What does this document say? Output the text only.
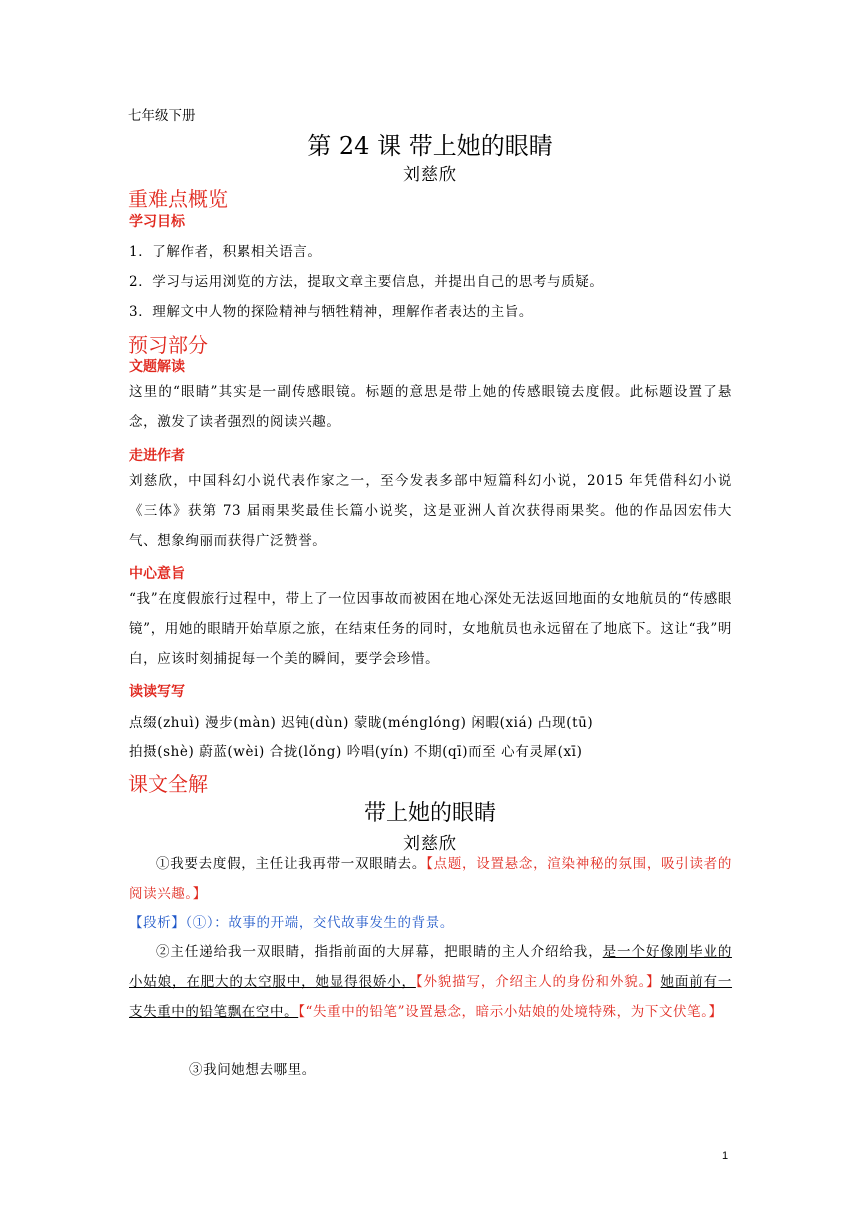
七年级下册
第 24 课 带上她的眼睛
刘慈欣
重难点概览
学习目标
1．了解作者，积累相关语言。
2．学习与运用浏览的方法，提取文章主要信息，并提出自己的思考与质疑。
3．理解文中人物的探险精神与牺牲精神，理解作者表达的主旨。
预习部分
文题解读
这里的“眼睛”其实是一副传感眼镜。标题的意思是带上她的传感眼镜去度假。此标题设置了悬念，激发了读者强烈的阅读兴趣。
走进作者
刘慈欣，中国科幻小说代表作家之一，至今发表多部中短篇科幻小说，2015 年凭借科幻小说《三体》获第 73 届雨果奖最佳长篇小说奖，这是亚洲人首次获得雨果奖。他的作品因宏伟大气、想象绚丽而获得广泛赞誉。
中心意旨
“我”在度假旅行过程中，带上了一位因事故而被困在地心深处无法返回地面的女地航员的“传感眼镜”，用她的眼睛开始草原之旅，在结束任务的同时，女地航员也永远留在了地底下。这让“我”明白，应该时刻捕捉每一个美的瞬间，要学会珍惜。
读读写写
点缀(zhuì) 漫步(màn) 迟钝(dùn) 蒙眬(ménglóng) 闲暇(xiá) 凸现(tū)
拍摄(shè) 蔚蓝(wèi) 合拢(lǒng) 吟唱(yín) 不期(qī)而至 心有灵犀(xī)
课文全解
带上她的眼睛
刘慈欣
①我要去度假，主任让我再带一双眼睛去。【点题，设置悬念，渲染神秘的氛围，吸引读者的阅读兴趣。】
【段析】（①）：故事的开端，交代故事发生的背景。
②主任递给我一双眼睛，指指前面的大屏幕，把眼睛的主人介绍给我，是一个好像刚毕业的小姑娘，在肥大的太空服中，她显得很娇小，【外貌描写，介绍主人的身份和外貌。】她面前有一支失重中的铅笔飘在空中。【“失重中的铅笔”设置悬念，暗示小姑娘的处境特殊，为下文伏笔。】
③我问她想去哪里。
1
